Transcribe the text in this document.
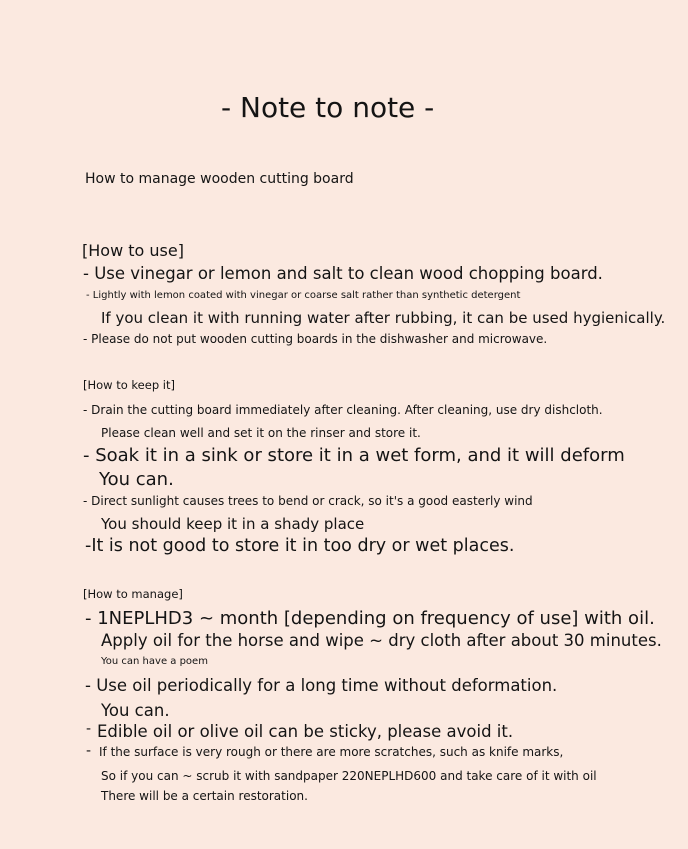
- Note to note -
How to manage wooden cutting board
[How to use]
- Use vinegar or lemon and salt to clean wood chopping board.
- Lightly with lemon coated with vinegar or coarse salt rather than synthetic detergent
If you clean it with running water after rubbing, it can be used hygienically.
- Please do not put wooden cutting boards in the dishwasher and microwave.
[How to keep it]
- Drain the cutting board immediately after cleaning. After cleaning, use dry dishcloth.
Please clean well and set it on the rinser and store it.
- Soak it in a sink or store it in a wet form, and it will deform
You can.
- Direct sunlight causes trees to bend or crack, so it's a good easterly wind
You should keep it in a shady place
-It is not good to store it in too dry or wet places.
[How to manage]
- 1NEPLHD3 ~ month [depending on frequency of use] with oil.
Apply oil for the horse and wipe ~ dry cloth after about 30 minutes.
You can have a poem
- Use oil periodically for a long time without deformation.
You can.
- Edible oil or olive oil can be sticky, please avoid it.
- If the surface is very rough or there are more scratches, such as knife marks,
So if you can ~ scrub it with sandpaper 220NEPLHD600 and take care of it with oil
There will be a certain restoration.
